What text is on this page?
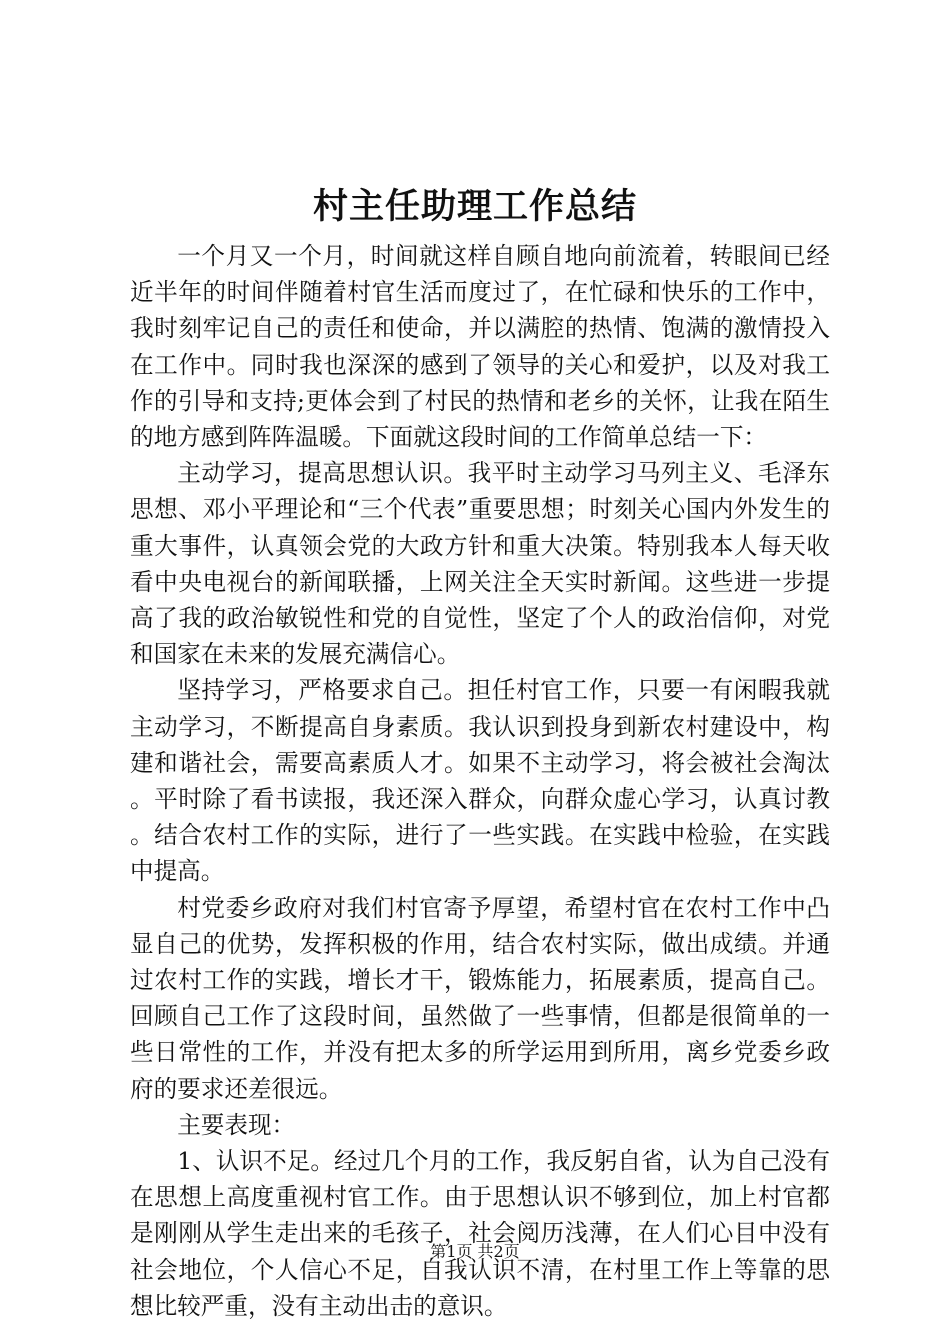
村主任助理工作总结

一个月又一个月，时间就这样自顾自地向前流着，转眼间已经近半年的时间伴随着村官生活而度过了，在忙碌和快乐的工作中，我时刻牢记自己的责任和使命，并以满腔的热情、饱满的激情投入在工作中。同时我也深深的感到了领导的关心和爱护，以及对我工作的引导和支持;更体会到了村民的热情和老乡的关怀，让我在陌生的地方感到阵阵温暖。下面就这段时间的工作简单总结一下：

主动学习，提高思想认识。我平时主动学习马列主义、毛泽东思想、邓小平理论和“三个代表”重要思想；时刻关心国内外发生的重大事件，认真领会党的大政方针和重大决策。特别我本人每天收看中央电视台的新闻联播，上网关注全天实时新闻。这些进一步提高了我的政治敏锐性和党的自觉性，坚定了个人的政治信仰，对党和国家在未来的发展充满信心。

坚持学习，严格要求自己。担任村官工作，只要一有闲暇我就主动学习，不断提高自身素质。我认识到投身到新农村建设中，构建和谐社会，需要高素质人才。如果不主动学习，将会被社会淘汰。平时除了看书读报，我还深入群众，向群众虚心学习，认真讨教。结合农村工作的实际，进行了一些实践。在实践中检验，在实践中提高。

村党委乡政府对我们村官寄予厚望，希望村官在农村工作中凸显自己的优势，发挥积极的作用，结合农村实际，做出成绩。并通过农村工作的实践，增长才干，锻炼能力，拓展素质，提高自己。回顾自己工作了这段时间，虽然做了一些事情，但都是很简单的一些日常性的工作，并没有把太多的所学运用到所用，离乡党委乡政府的要求还差很远。

主要表现：

1、认识不足。经过几个月的工作，我反躬自省，认为自己没有在思想上高度重视村官工作。由于思想认识不够到位，加上村官都是刚刚从学生走出来的毛孩子，社会阅历浅薄，在人们心目中没有社会地位，个人信心不足，自我认识不清，在村里工作上等靠的思想比较严重，没有主动出击的意识。

第1页 共2页
